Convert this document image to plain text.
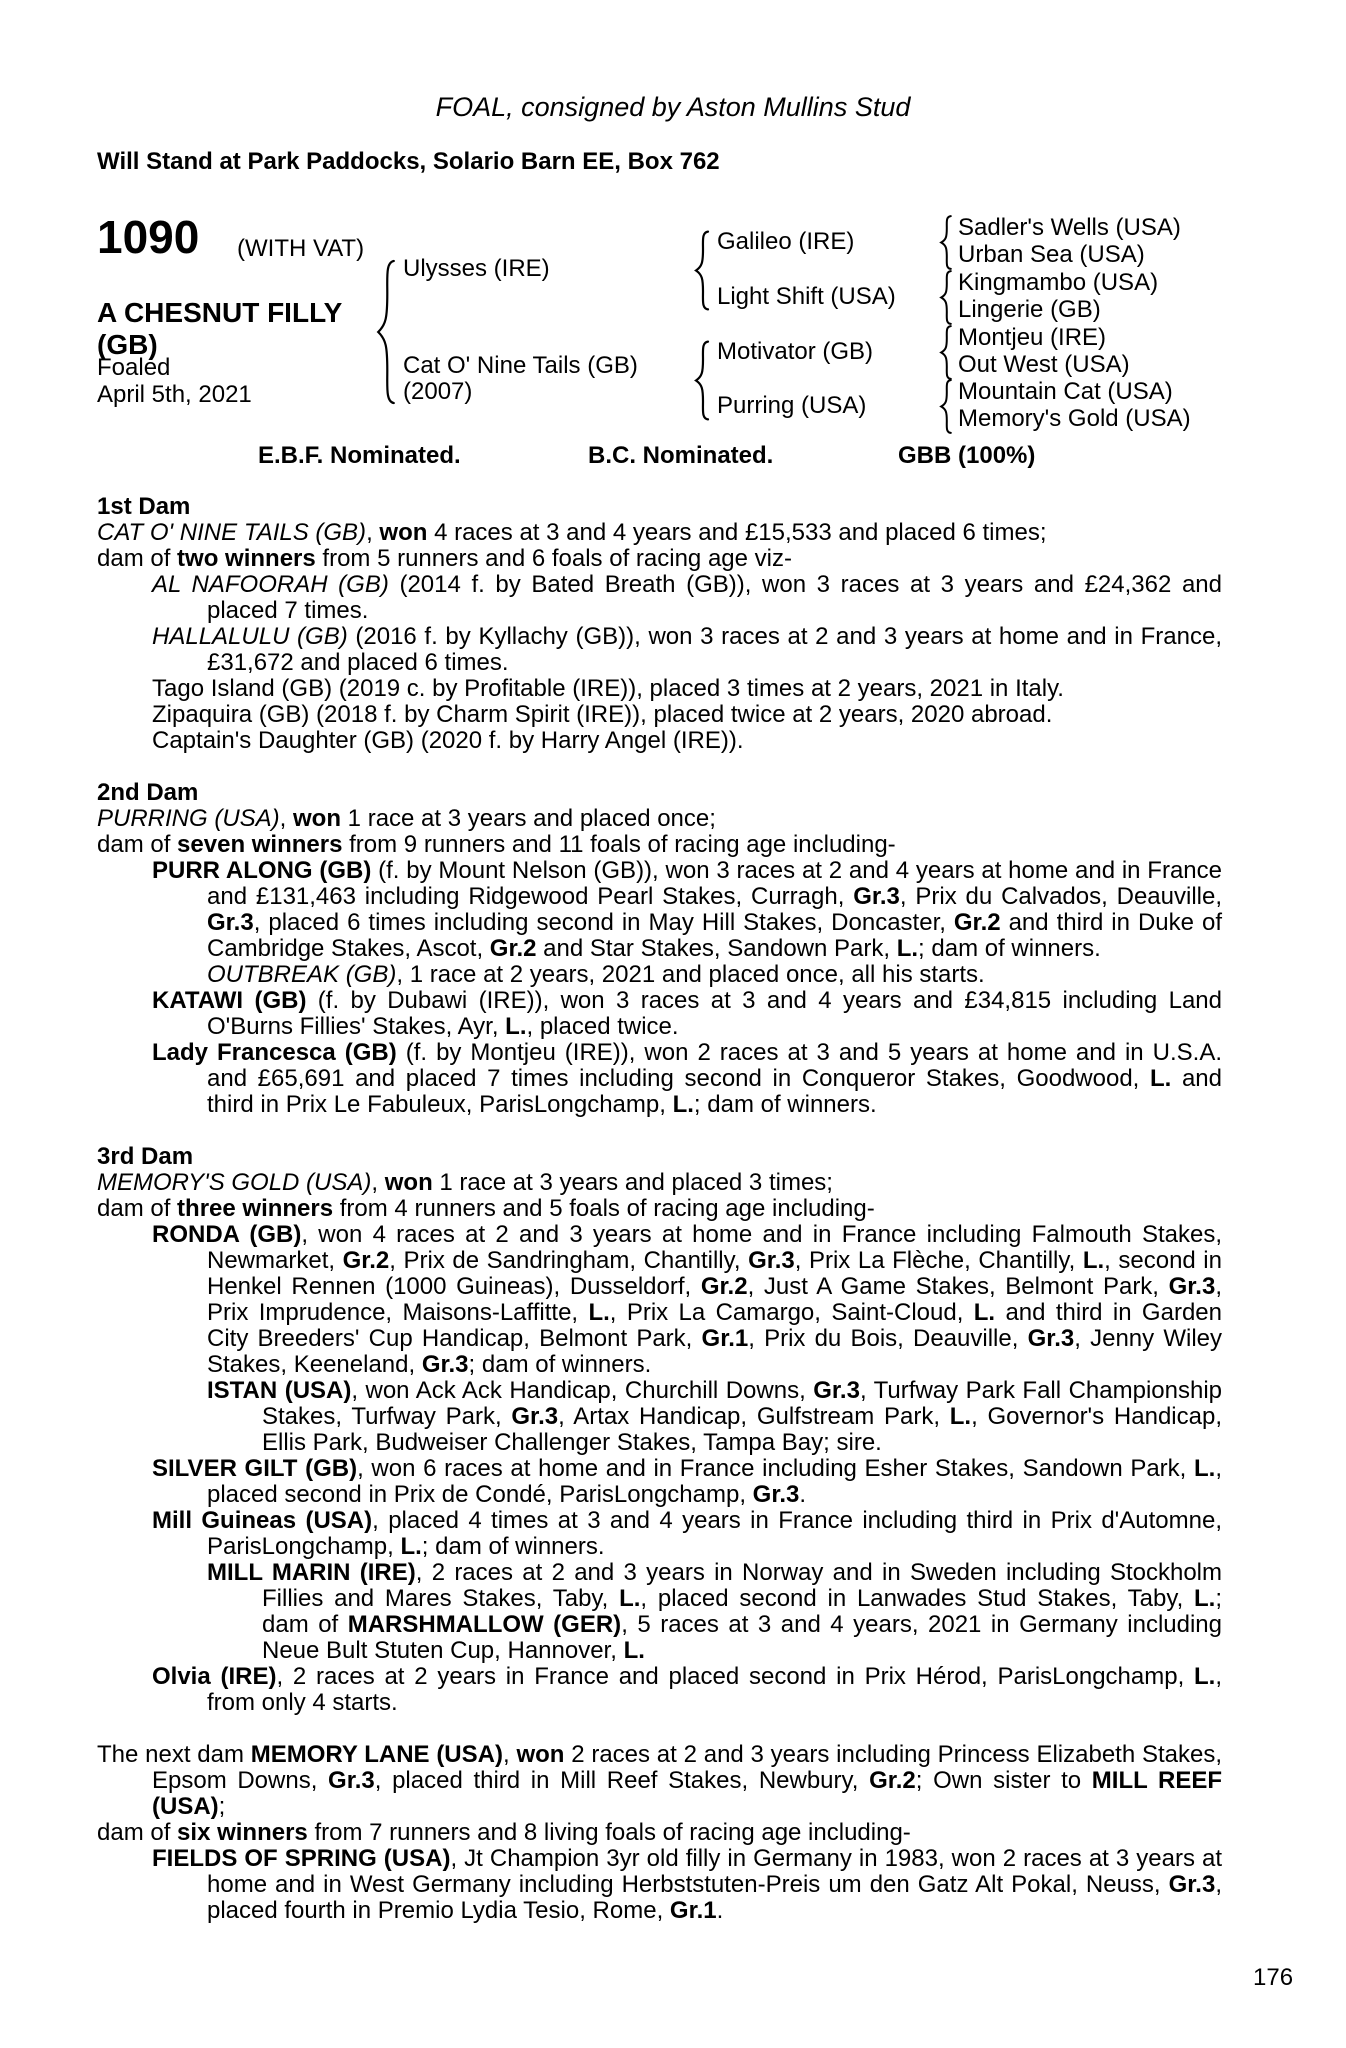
FOAL, consigned by Aston Mullins Stud
Will Stand at Park Paddocks, Solario Barn EE, Box 762
1090 (WITH VAT)
A CHESNUT FILLY
(GB)
Foaled
April 5th, 2021
Ulysses (IRE)
Cat O' Nine Tails (GB)
(2007)
Galileo (IRE)
Light Shift (USA)
Motivator (GB)
Purring (USA)
Sadler's Wells (USA)
Urban Sea (USA)
Kingmambo (USA)
Lingerie (GB)
Montjeu (IRE)
Out West (USA)
Mountain Cat (USA)
Memory's Gold (USA)
E.B.F. Nominated.	B.C. Nominated.	GBB (100%)
1st Dam

CAT O' NINE TAILS (GB), won 4 races at 3 and 4 years and £15,533 and placed 6 times;

dam of two winners from 5 runners and 6 foals of racing age viz-

AL NAFOORAH (GB) (2014 f. by Bated Breath (GB)), won 3 races at 3 years and £24,362 and placed 7 times.

HALLALULU (GB) (2016 f. by Kyllachy (GB)), won 3 races at 2 and 3 years at home and in France, £31,672 and placed 6 times.

Tago Island (GB) (2019 c. by Profitable (IRE)), placed 3 times at 2 years, 2021 in Italy.

Zipaquira (GB) (2018 f. by Charm Spirit (IRE)), placed twice at 2 years, 2020 abroad.

Captain's Daughter (GB) (2020 f. by Harry Angel (IRE)).

2nd Dam

PURRING (USA), won 1 race at 3 years and placed once;

dam of seven winners from 9 runners and 11 foals of racing age including-

PURR ALONG (GB) (f. by Mount Nelson (GB)), won 3 races at 2 and 4 years at home and in France and £131,463 including Ridgewood Pearl Stakes, Curragh, Gr.3, Prix du Calvados, Deauville, Gr.3, placed 6 times including second in May Hill Stakes, Doncaster, Gr.2 and third in Duke of Cambridge Stakes, Ascot, Gr.2 and Star Stakes, Sandown Park, L.; dam of winners.

OUTBREAK (GB), 1 race at 2 years, 2021 and placed once, all his starts.

KATAWI (GB) (f. by Dubawi (IRE)), won 3 races at 3 and 4 years and £34,815 including Land O'Burns Fillies' Stakes, Ayr, L., placed twice.

Lady Francesca (GB) (f. by Montjeu (IRE)), won 2 races at 3 and 5 years at home and in U.S.A. and £65,691 and placed 7 times including second in Conqueror Stakes, Goodwood, L. and third in Prix Le Fabuleux, ParisLongchamp, L.; dam of winners.

3rd Dam

MEMORY'S GOLD (USA), won 1 race at 3 years and placed 3 times;

dam of three winners from 4 runners and 5 foals of racing age including-

RONDA (GB), won 4 races at 2 and 3 years at home and in France including Falmouth Stakes, Newmarket, Gr.2, Prix de Sandringham, Chantilly, Gr.3, Prix La Flèche, Chantilly, L., second in Henkel Rennen (1000 Guineas), Dusseldorf, Gr.2, Just A Game Stakes, Belmont Park, Gr.3, Prix Imprudence, Maisons-Laffitte, L., Prix La Camargo, Saint-Cloud, L. and third in Garden City Breeders' Cup Handicap, Belmont Park, Gr.1, Prix du Bois, Deauville, Gr.3, Jenny Wiley Stakes, Keeneland, Gr.3; dam of winners.

ISTAN (USA), won Ack Ack Handicap, Churchill Downs, Gr.3, Turfway Park Fall Championship Stakes, Turfway Park, Gr.3, Artax Handicap, Gulfstream Park, L., Governor's Handicap, Ellis Park, Budweiser Challenger Stakes, Tampa Bay; sire.

SILVER GILT (GB), won 6 races at home and in France including Esher Stakes, Sandown Park, L., placed second in Prix de Condé, ParisLongchamp, Gr.3.

Mill Guineas (USA), placed 4 times at 3 and 4 years in France including third in Prix d'Automne, ParisLongchamp, L.; dam of winners.

MILL MARIN (IRE), 2 races at 2 and 3 years in Norway and in Sweden including Stockholm Fillies and Mares Stakes, Taby, L., placed second in Lanwades Stud Stakes, Taby, L.; dam of MARSHMALLOW (GER), 5 races at 3 and 4 years, 2021 in Germany including Neue Bult Stuten Cup, Hannover, L.

Olvia (IRE), 2 races at 2 years in France and placed second in Prix Hérod, ParisLongchamp, L., from only 4 starts.

The next dam MEMORY LANE (USA), won 2 races at 2 and 3 years including Princess Elizabeth Stakes, Epsom Downs, Gr.3, placed third in Mill Reef Stakes, Newbury, Gr.2; Own sister to MILL REEF (USA);

dam of six winners from 7 runners and 8 living foals of racing age including-

FIELDS OF SPRING (USA), Jt Champion 3yr old filly in Germany in 1983, won 2 races at 3 years at home and in West Germany including Herbststuten-Preis um den Gatz Alt Pokal, Neuss, Gr.3, placed fourth in Premio Lydia Tesio, Rome, Gr.1.

176
